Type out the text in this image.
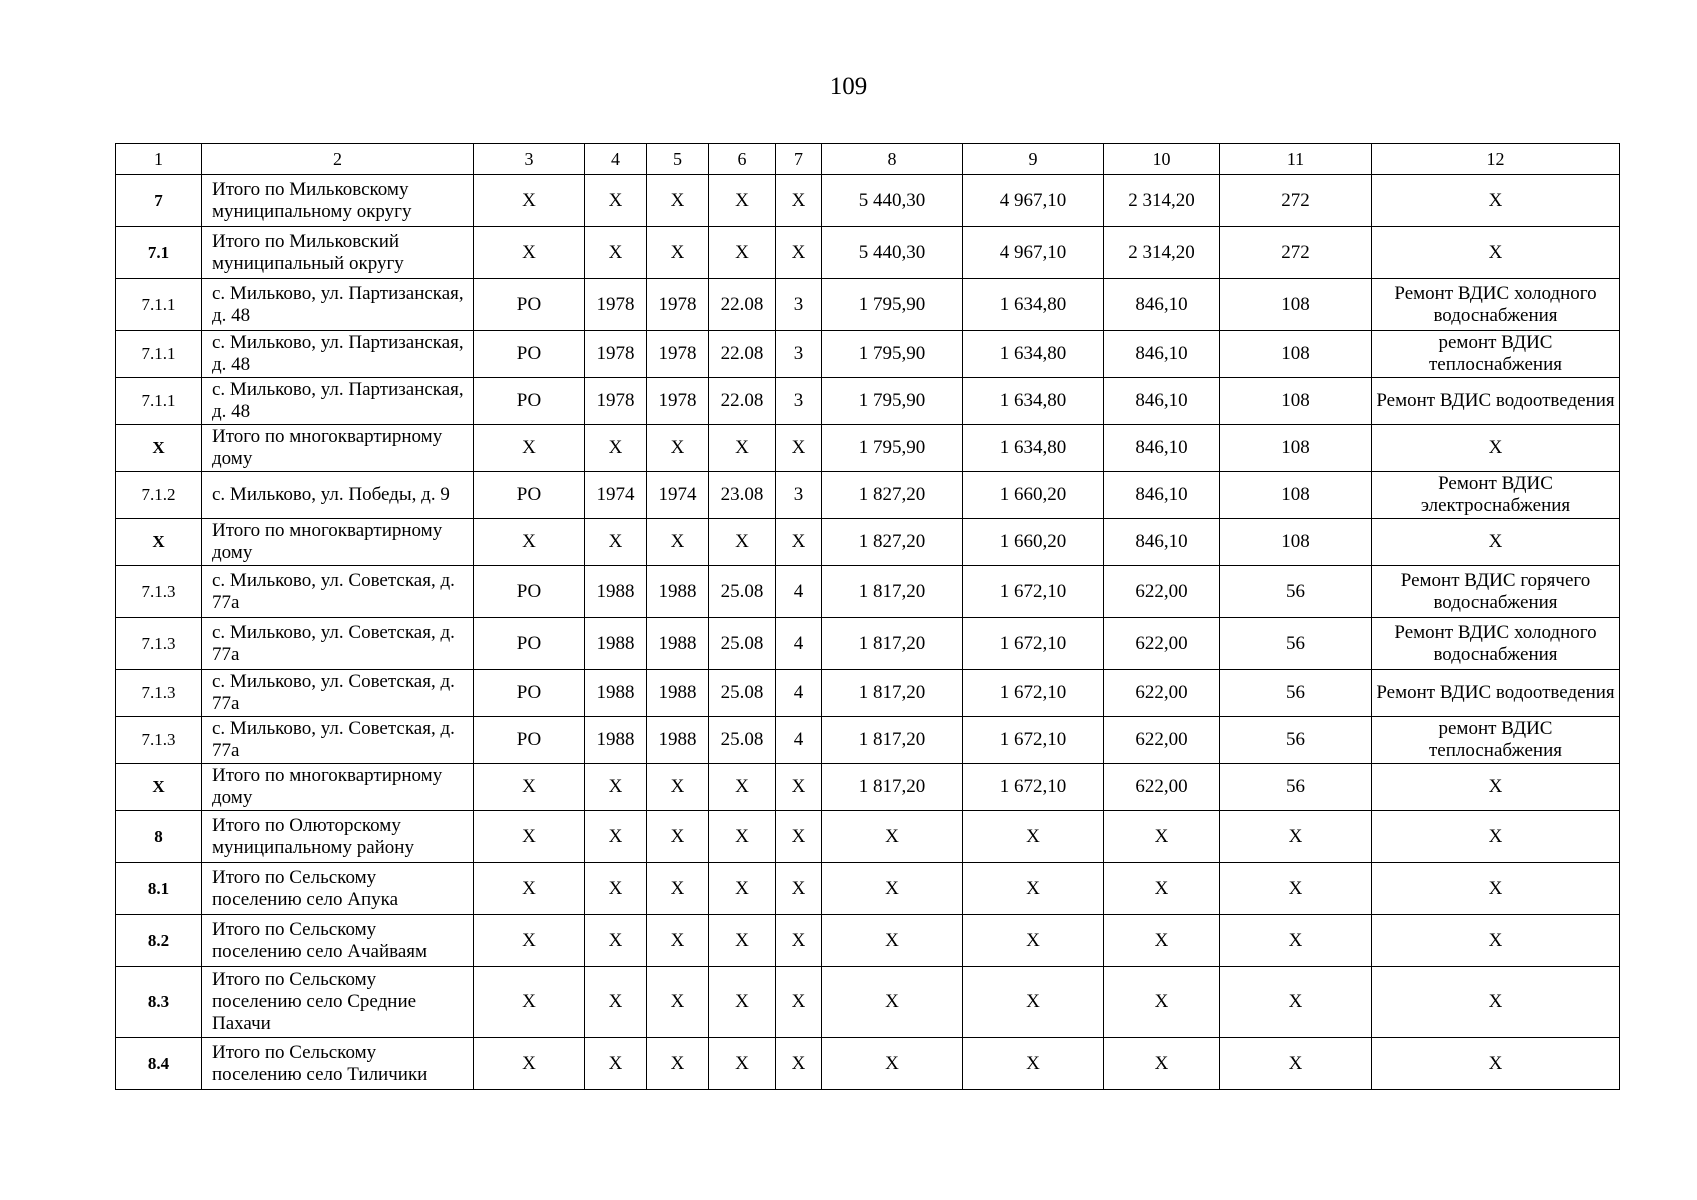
109
1	2	3	4	5	6	7	8	9	10	11	12
7	Итого по Мильковскому муниципальному округу	Х	Х	Х	Х	Х	5 440,30	4 967,10	2 314,20	272	Х
7.1	Итого по Мильковский муниципальный округу	Х	Х	Х	Х	Х	5 440,30	4 967,10	2 314,20	272	Х
7.1.1	с. Мильково, ул. Партизанская, д. 48	РО	1978	1978	22.08	3	1 795,90	1 634,80	846,10	108	Ремонт ВДИС холодного водоснабжения
7.1.1	с. Мильково, ул. Партизанская, д. 48	РО	1978	1978	22.08	3	1 795,90	1 634,80	846,10	108	ремонт ВДИС теплоснабжения
7.1.1	с. Мильково, ул. Партизанская, д. 48	РО	1978	1978	22.08	3	1 795,90	1 634,80	846,10	108	Ремонт ВДИС водоотведения
Х	Итого по многоквартирному дому	Х	Х	Х	Х	Х	1 795,90	1 634,80	846,10	108	Х
7.1.2	с. Мильково, ул. Победы, д. 9	РО	1974	1974	23.08	3	1 827,20	1 660,20	846,10	108	Ремонт ВДИС электроснабжения
Х	Итого по многоквартирному дому	Х	Х	Х	Х	Х	1 827,20	1 660,20	846,10	108	Х
7.1.3	с. Мильково, ул. Советская, д. 77а	РО	1988	1988	25.08	4	1 817,20	1 672,10	622,00	56	Ремонт ВДИС горячего водоснабжения
7.1.3	с. Мильково, ул. Советская, д. 77а	РО	1988	1988	25.08	4	1 817,20	1 672,10	622,00	56	Ремонт ВДИС холодного водоснабжения
7.1.3	с. Мильково, ул. Советская, д. 77а	РО	1988	1988	25.08	4	1 817,20	1 672,10	622,00	56	Ремонт ВДИС водоотведения
7.1.3	с. Мильково, ул. Советская, д. 77а	РО	1988	1988	25.08	4	1 817,20	1 672,10	622,00	56	ремонт ВДИС теплоснабжения
Х	Итого по многоквартирному дому	Х	Х	Х	Х	Х	1 817,20	1 672,10	622,00	56	Х
8	Итого по Олюторскому муниципальному району	Х	Х	Х	Х	Х	Х	Х	Х	Х	Х
8.1	Итого по Сельскому поселению село Апука	Х	Х	Х	Х	Х	Х	Х	Х	Х	Х
8.2	Итого по Сельскому поселению село Ачайваям	Х	Х	Х	Х	Х	Х	Х	Х	Х	Х
8.3	Итого по Сельскому поселению село Средние Пахачи	Х	Х	Х	Х	Х	Х	Х	Х	Х	Х
8.4	Итого по Сельскому поселению село Тиличики	Х	Х	Х	Х	Х	Х	Х	Х	Х	Х
